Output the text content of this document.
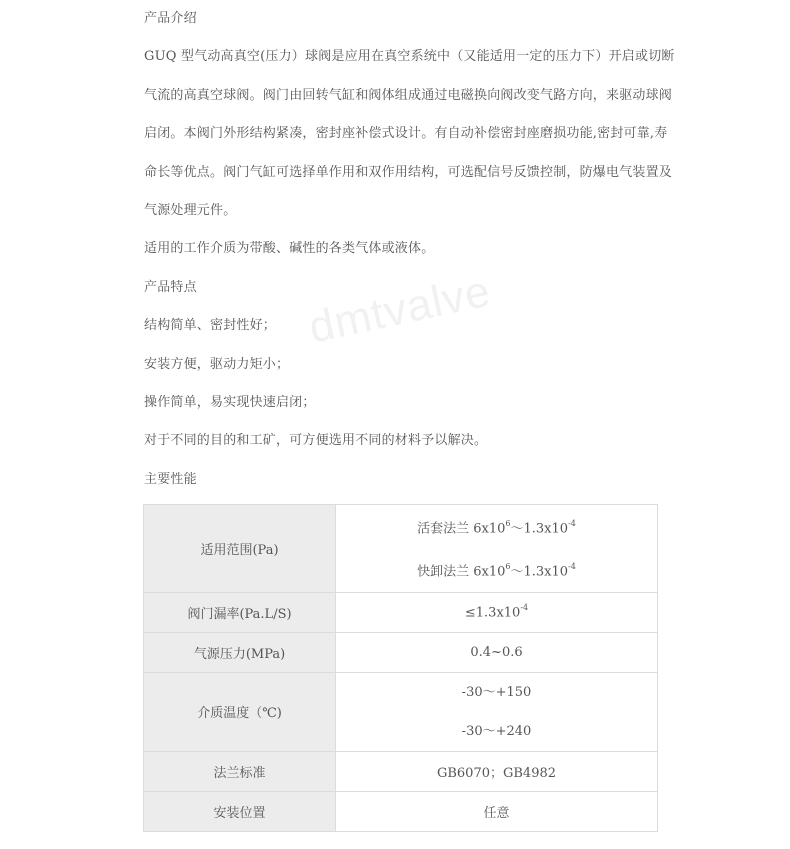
dmtvalve
产品介绍
GUQ 型气动高真空(压力）球阀是应用在真空系统中（又能适用一定的压力下）开启或切断
气流的高真空球阀。阀门由回转气缸和阀体组成通过电磁换向阀改变气路方向，来驱动球阀
启闭。本阀门外形结构紧凑，密封座补偿式设计。有自动补偿密封座磨损功能,密封可靠,寿
命长等优点。阀门气缸可选择单作用和双作用结构，可选配信号反馈控制，防爆电气装置及
气源处理元件。
适用的工作介质为带酸、碱性的各类气体或液体。
产品特点
结构简单、密封性好；
安装方便，驱动力矩小；
操作简单，易实现快速启闭；
对于不同的目的和工矿，可方便选用不同的材料予以解决。
主要性能
适用范围(Pa)	活套法兰 $6x10^6\sim 1.3x10^{-4}$
快卸法兰 $6x10^6\sim 1.3x10^{-4}$

阀门漏率(Pa.L/S)	$\le 1.3x10^{-4}$
气源压力(MPa)	0.4~0.6
介质温度（℃)	-30～+150
-30～+240

法兰标准	GB6070；GB4982
安装位置	任意
